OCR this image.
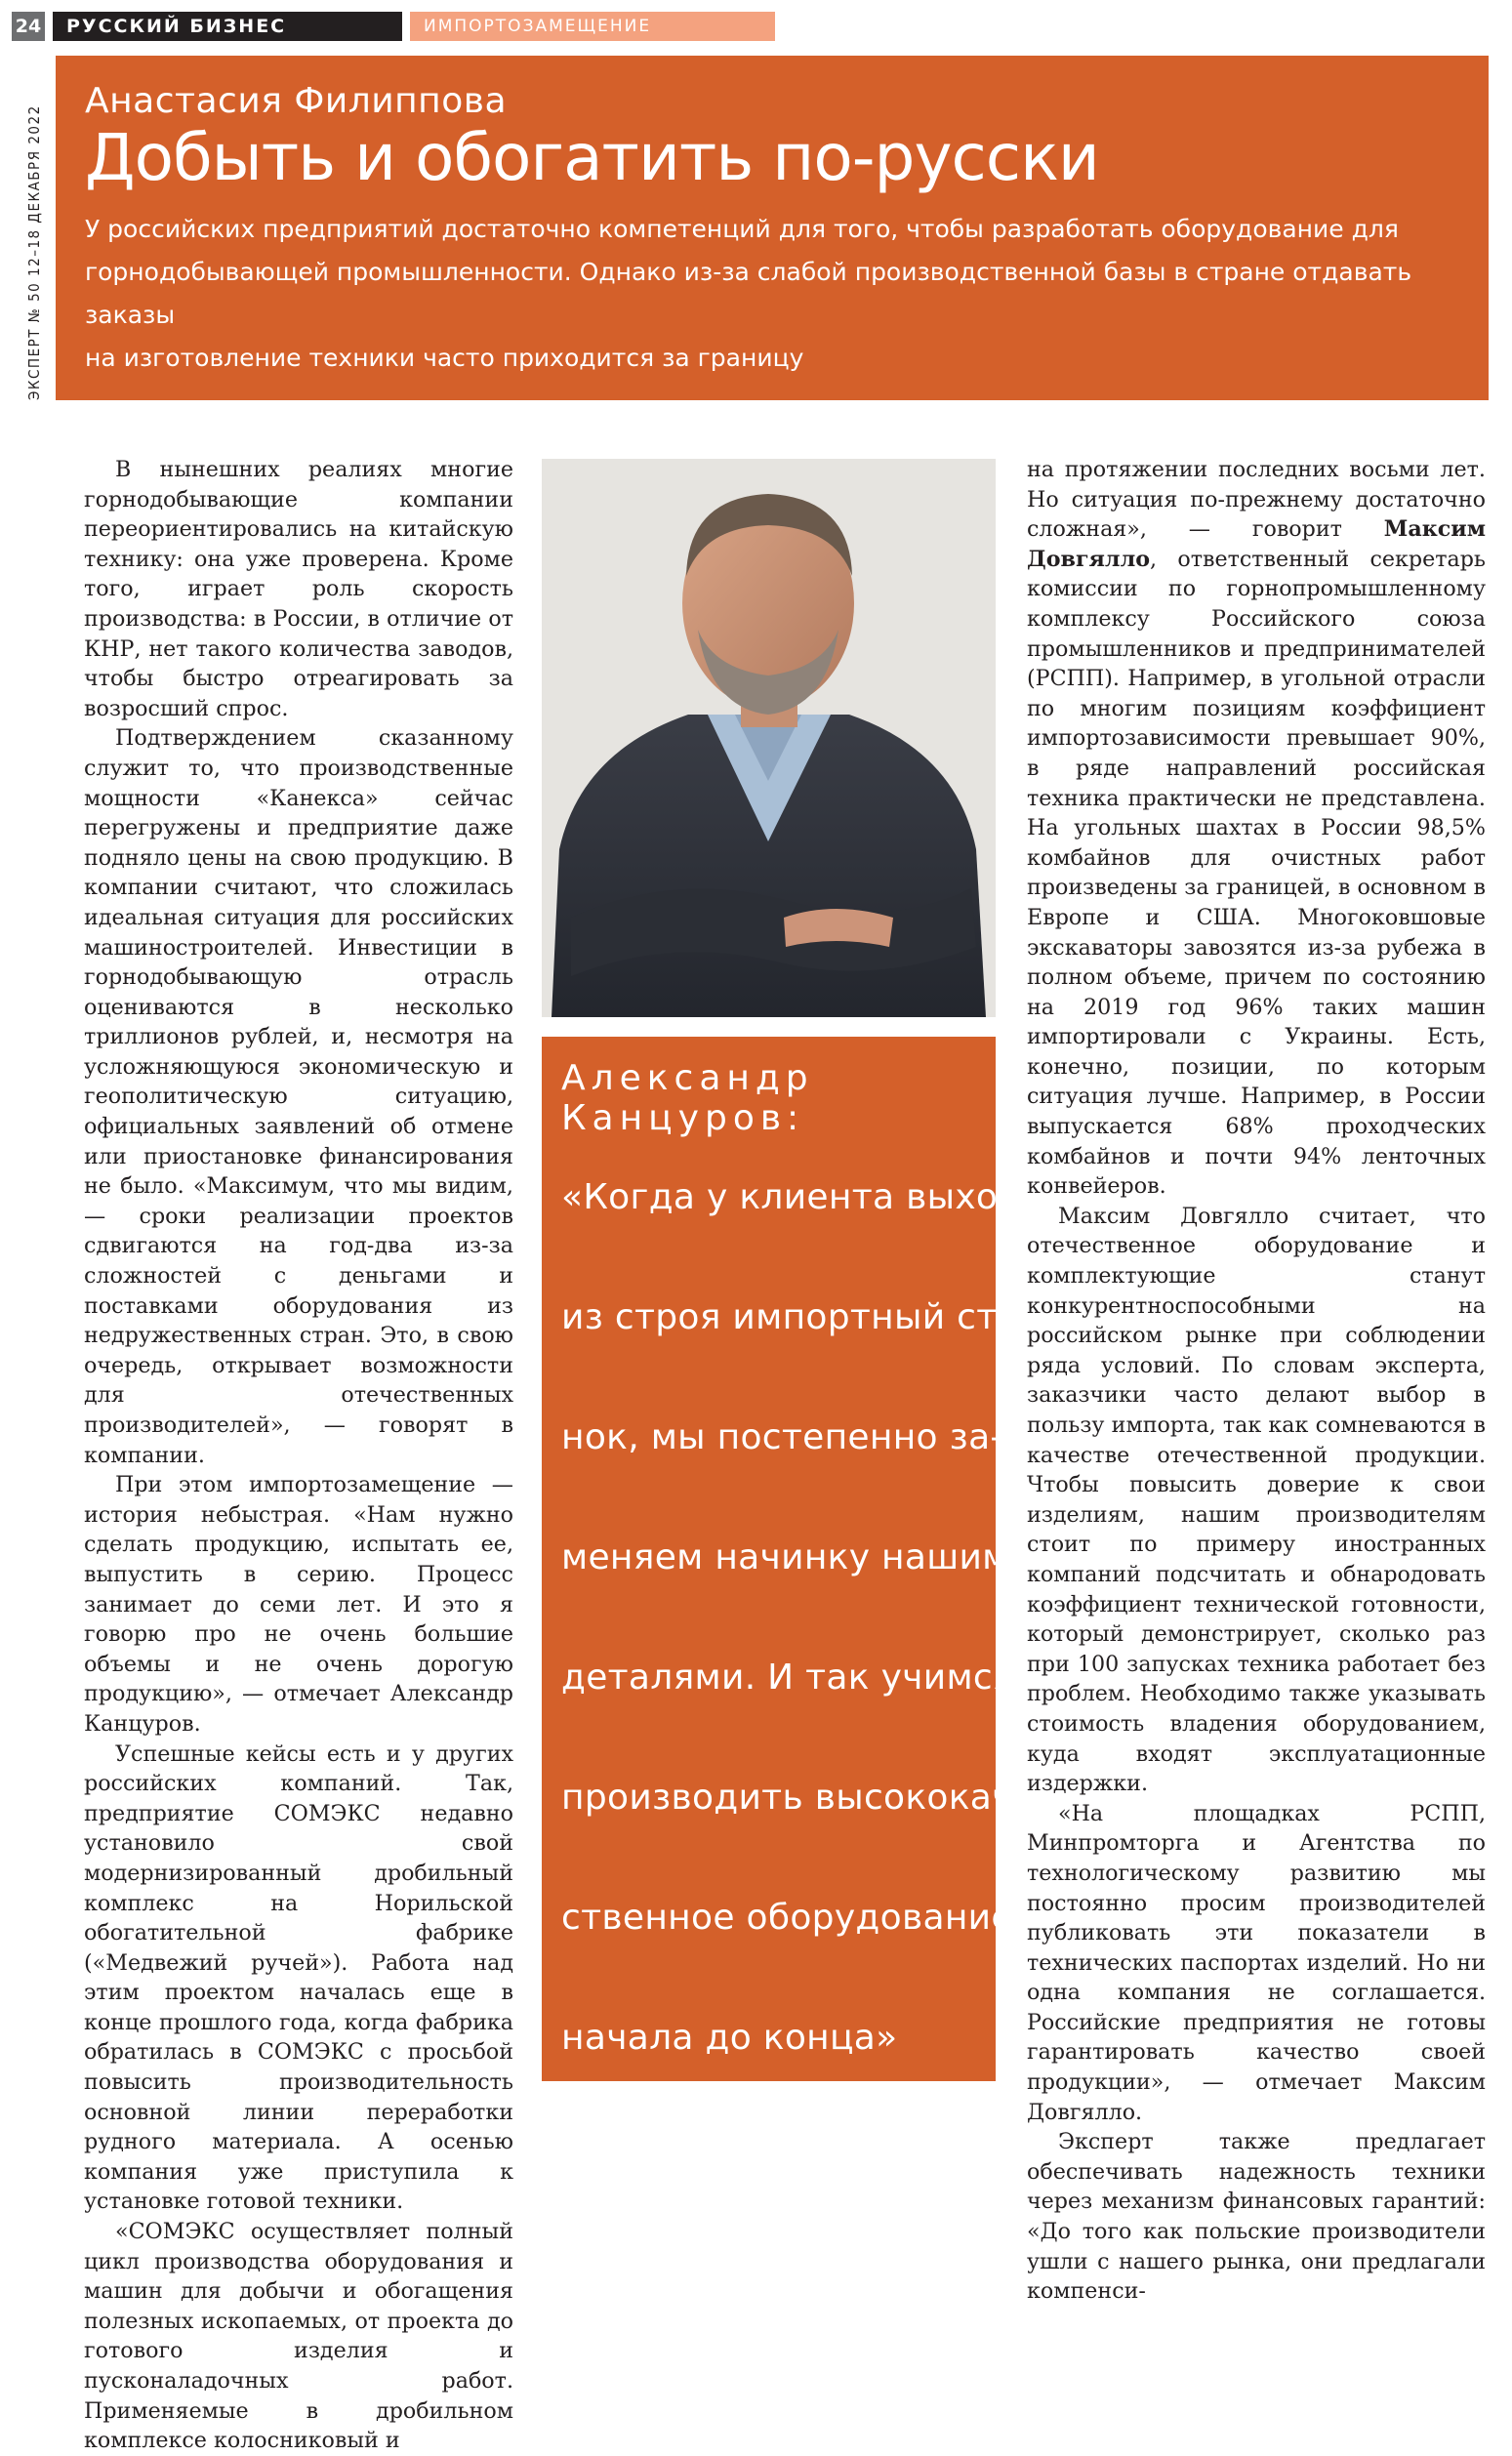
24	РУССКИЙ БИЗНЕС	ИМПОРТОЗАМЕЩЕНИЕ
ЭКСПЕРТ № 50 12–18 ДЕКАБРЯ 2022
Анастасия Филиппова
Добыть и обогатить по-русски
У российских предприятий достаточно компетенций для того, чтобы разработать оборудование для
горнодобывающей промышленности. Однако из-за слабой производственной базы в стране отдавать заказы
на изготовление техники часто приходится за границу

В нынешних реалиях многие горнодобывающие компании переориентировались на китайскую технику: она уже проверена. Кроме того, играет роль скорость производства: в России, в отличие от КНР, нет такого количества заводов, чтобы быстро отреагировать за возросший спрос.

Подтверждением сказанному служит то, что производственные мощности «Канекса» сейчас перегружены и предприятие даже подняло цены на свою продукцию. В компании считают, что сложилась идеальная ситуация для российских машиностроителей. Инвестиции в горнодобывающую отрасль оцениваются в несколько триллионов рублей, и, несмотря на усложняющуюся экономическую и геополитическую ситуацию, официальных заявлений об отмене или приостановке финансирования не было. «Максимум, что мы видим, — сроки реализации проектов сдвигаются на год-два из-за сложностей с деньгами и поставками оборудования из недружественных стран. Это, в свою очередь, открывает возможности для отечественных производителей», — говорят в компании.

При этом импортозамещение — история небыстрая. «Нам нужно сделать продукцию, испытать ее, выпустить в серию. Процесс занимает до семи лет. И это я говорю про не очень большие объемы и не очень дорогую продукцию», — отмечает Александр Канцуров.

Успешные кейсы есть и у других российских компаний. Так, предприятие СОМЭКС недавно установило свой модернизированный дробильный комплекс на Норильской обогатительной фабрике («Медвежий ручей»). Работа над этим проектом началась еще в конце прошлого года, когда фабрика обратилась в СОМЭКС с просьбой повысить производительность основной линии переработки рудного материала. А осенью компания уже приступила к установке готовой техники.

«СОМЭКС осуществляет полный цикл производства оборудования и машин для добычи и обогащения полезных ископаемых, от проекта до готового изделия и пусконаладочных работ. Применяемые в дробильном комплексе колосниковый и

Александр Канцуров:
«Когда у клиента выходит
из строя импортный ста-
нок, мы постепенно за-
меняем начинку нашими
деталями. И так учимся
производить высококаче-
ственное оборудование от
начала до конца»

на протяжении последних восьми лет. Но ситуация по-прежнему достаточно сложная», — говорит Максим Довгялло, ответственный секретарь комиссии по горнопромышленному комплексу Российского союза промышленников и предпринимателей (РСПП). Например, в угольной отрасли по многим позициям коэффициент импортозависимости превышает 90%, в ряде направлений российская техника практически не представлена. На угольных шахтах в России 98,5% комбайнов для очистных работ произведены за границей, в основном в Европе и США. Многоковшовые экскаваторы завозятся из-за рубежа в полном объеме, причем по состоянию на 2019 год 96% таких машин импортировали с Украины. Есть, конечно, позиции, по которым ситуация лучше. Например, в России выпускается 68% проходческих комбайнов и почти 94% ленточных конвейеров.

Максим Довгялло считает, что отечественное оборудование и комплектующие станут конкурентноспособными на российском рынке при соблюдении ряда условий. По словам эксперта, заказчики часто делают выбор в пользу импорта, так как сомневаются в качестве отечественной продукции. Чтобы повысить доверие к свои изделиям, нашим производителям стоит по примеру иностранных компаний подсчитать и обнародовать коэффициент технической готовности, который демонстрирует, сколько раз при 100 запусках техника работает без проблем. Необходимо также указывать стоимость владения оборудованием, куда входят эксплуатационные издержки.

«На площадках РСПП, Минпромторга и Агентства по технологическому развитию мы постоянно просим производителей публиковать эти показатели в технических паспортах изделий. Но ни одна компания не соглашается. Российские предприятия не готовы гарантировать качество своей продукции», — отмечает Максим Довгялло.

Эксперт также предлагает обеспечивать надежность техники через механизм финансовых гарантий: «До того как польские производители ушли с нашего рынка, они предлагали компенси-
